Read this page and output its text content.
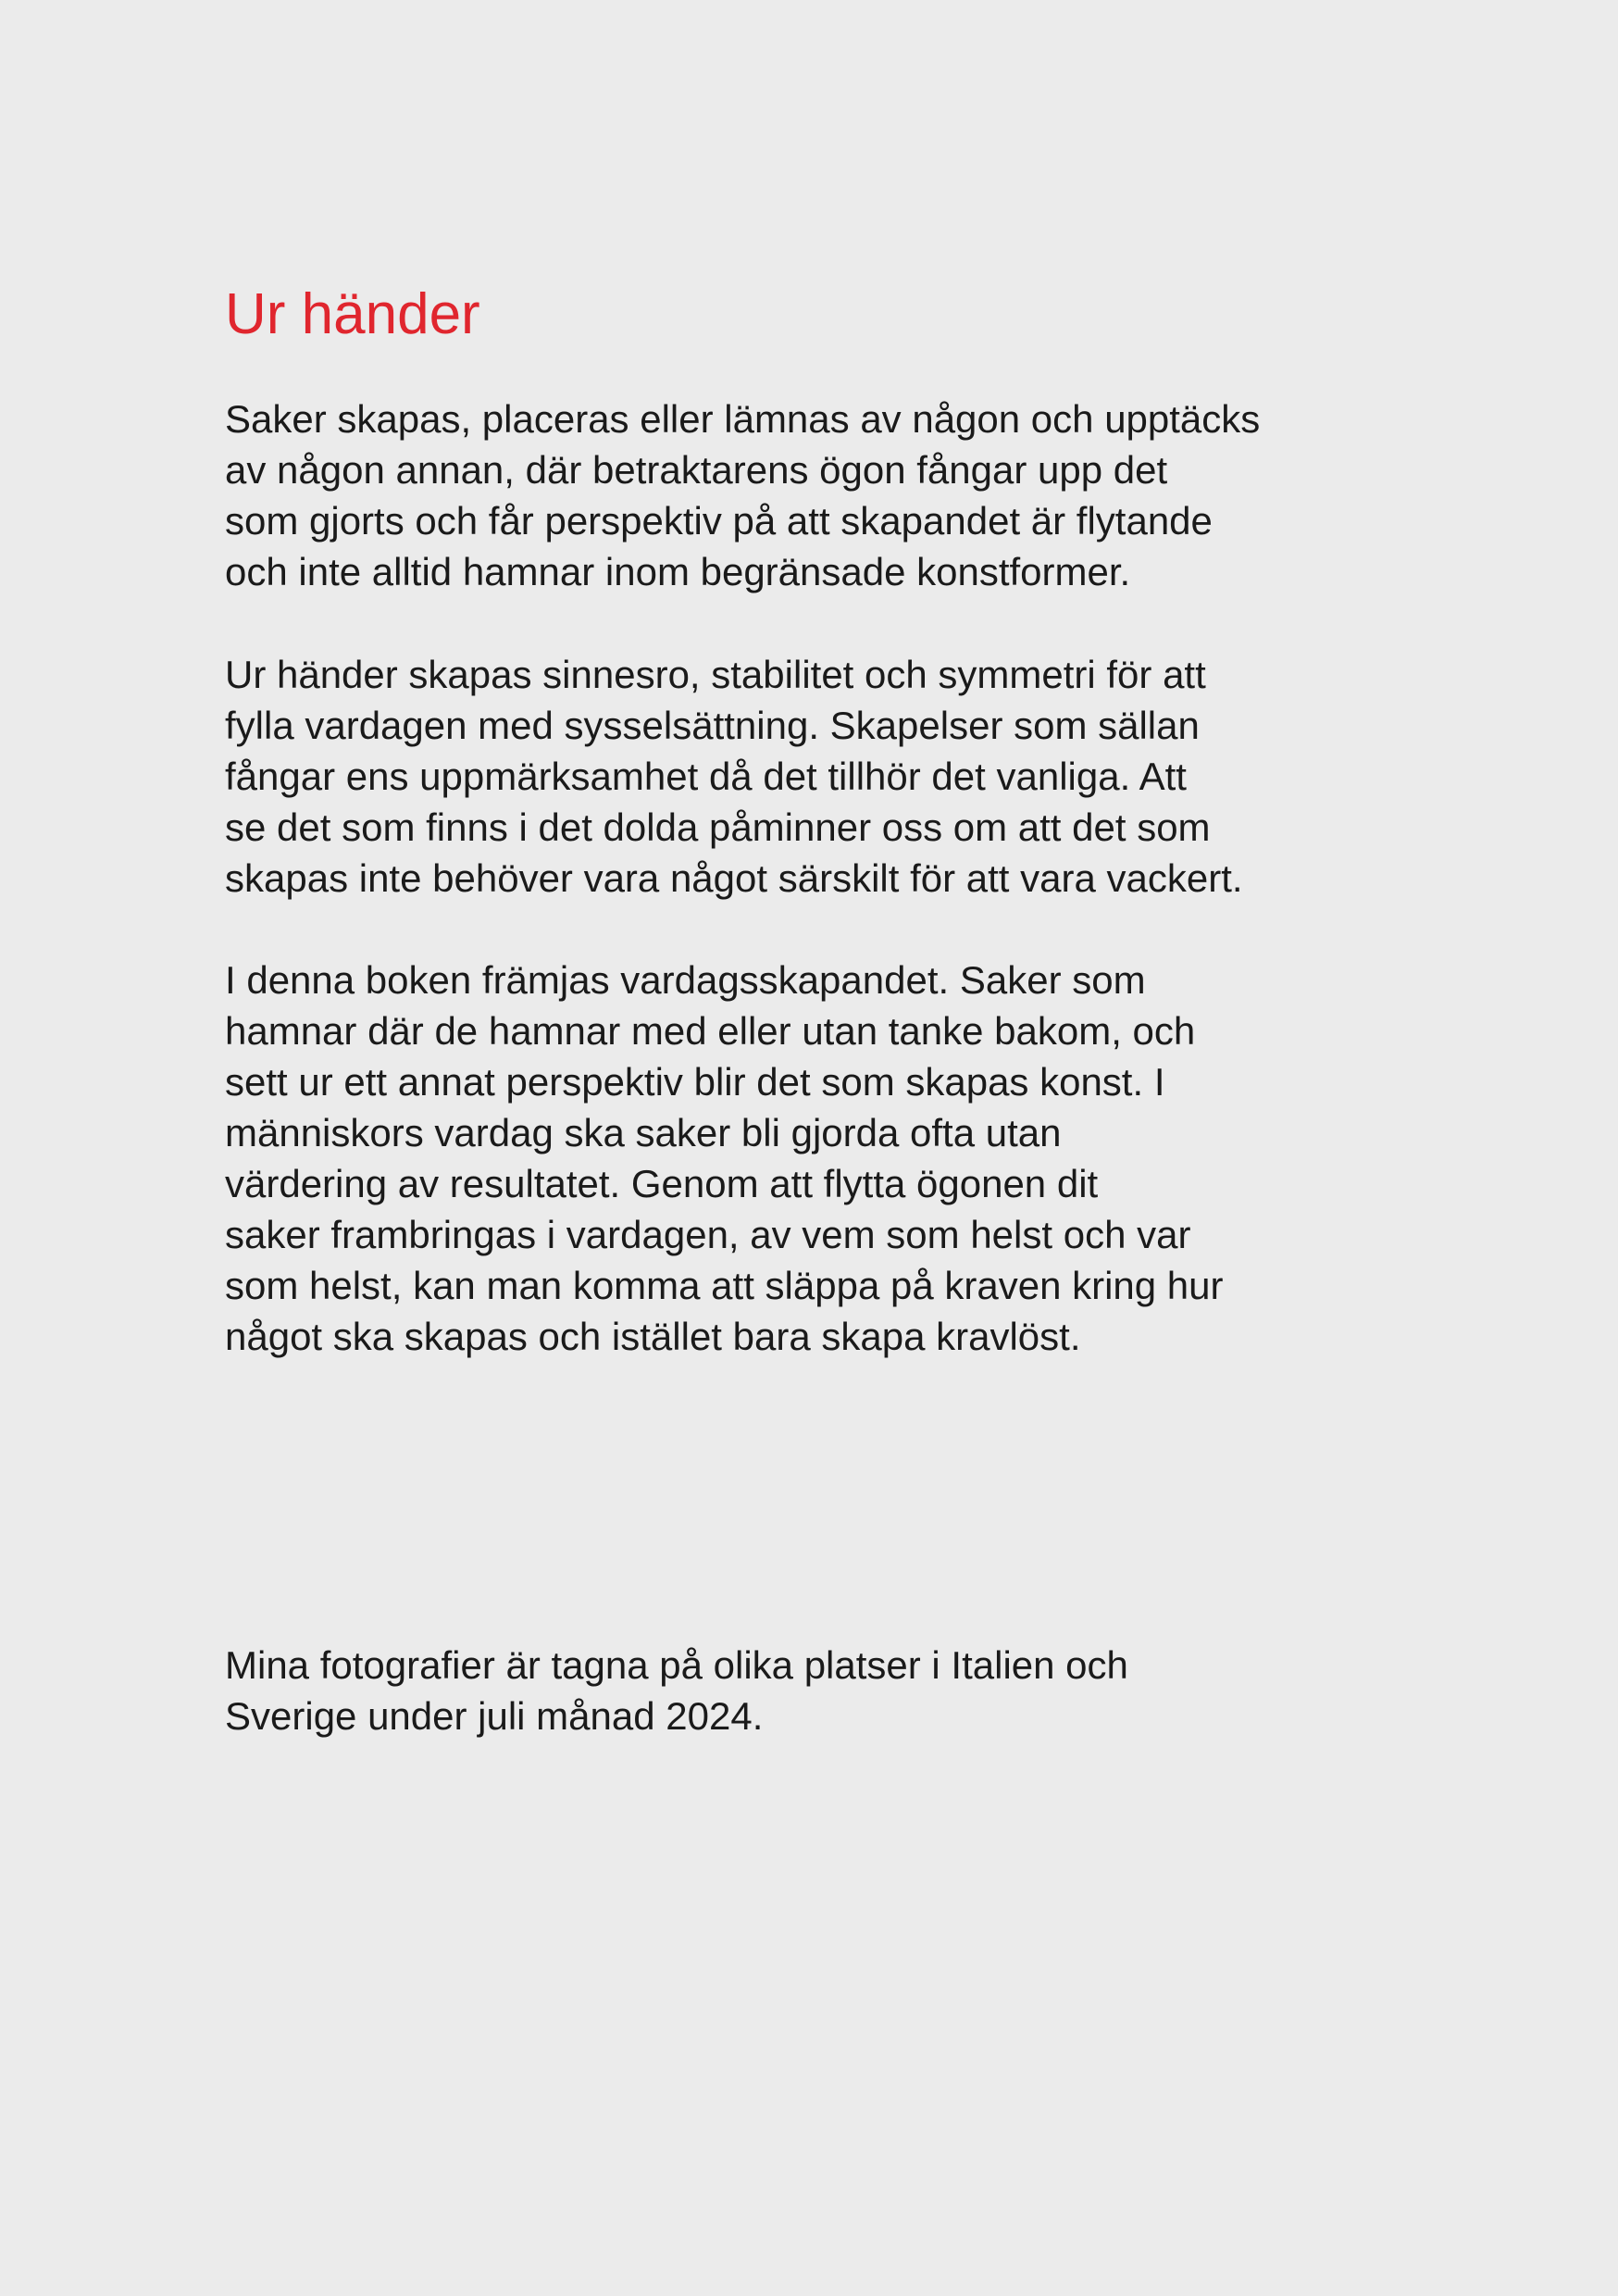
Ur händer

Saker skapas, placeras eller lämnas av någon och upptäcks
av någon annan, där betraktarens ögon fångar upp det
som gjorts och får perspektiv på att skapandet är flytande
och inte alltid hamnar inom begränsade konstformer.

Ur händer skapas sinnesro, stabilitet och symmetri för att
fylla vardagen med sysselsättning. Skapelser som sällan
fångar ens uppmärksamhet då det tillhör det vanliga. Att
se det som finns i det dolda påminner oss om att det som
skapas inte behöver vara något särskilt för att vara vackert.

I denna boken främjas vardagsskapandet. Saker som
hamnar där de hamnar med eller utan tanke bakom, och
sett ur ett annat perspektiv blir det som skapas konst. I
människors vardag ska saker bli gjorda ofta utan
värdering av resultatet. Genom att flytta ögonen dit
saker frambringas i vardagen, av vem som helst och var
som helst, kan man komma att släppa på kraven kring hur
något ska skapas och istället bara skapa kravlöst.

Mina fotografier är tagna på olika platser i Italien och
Sverige under juli månad 2024.
